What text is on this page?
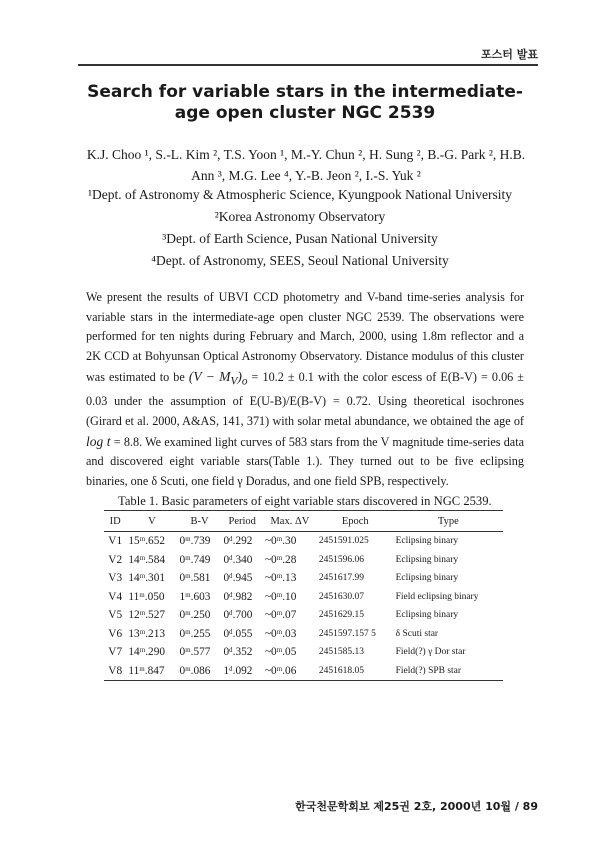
포스터 발표
Search for variable stars in the intermediate-age open cluster NGC 2539
K.J. Choo ¹, S.-L. Kim ², T.S. Yoon ¹, M.-Y. Chun ², H. Sung ², B.-G. Park ², H.B. Ann ³, M.G. Lee ⁴, Y.-B. Jeon ², I.-S. Yuk ²
¹Dept. of Astronomy & Atmospheric Science, Kyungpook National University
²Korea Astronomy Observatory
³Dept. of Earth Science, Pusan National University
⁴Dept. of Astronomy, SEES, Seoul National University
We present the results of UBVI CCD photometry and V-band time-series analysis for variable stars in the intermediate-age open cluster NGC 2539. The observations were performed for ten nights during February and March, 2000, using 1.8m reflector and a 2K CCD at Bohyunsan Optical Astronomy Observatory. Distance modulus of this cluster was estimated to be $(V - M_V)_o = 10.2 \pm 0.1$ with the color escess of E(B-V) = 0.06 ± 0.03 under the assumption of E(U-B)/E(B-V) = 0.72. Using theoretical isochrones (Girard et al. 2000, A&AS, 141, 371) with solar metal abundance, we obtained the age of log t = 8.8. We examined light curves of 583 stars from the V magnitude time-series data and discovered eight variable stars(Table 1.). They turned out to be five eclipsing binaries, one δ Scuti, one field γ Doradus, and one field SPB, respectively.
Table 1. Basic parameters of eight variable stars discovered in NGC 2539.
ID	V	B-V	Period	Max. ΔV	Epoch	Type
V1	15ᵐ.652	0ᵐ.739	0ᵈ.292	~0ᵐ.30	2451591.025	Eclipsing binary
V2	14ᵐ.584	0ᵐ.749	0ᵈ.340	~0ᵐ.28	2451596.06	Eclipsing binary
V3	14ᵐ.301	0ᵐ.581	0ᵈ.945	~0ᵐ.13	2451617.99	Eclipsing binary
V4	11ᵐ.050	1ᵐ.603	0ᵈ.982	~0ᵐ.10	2451630.07	Field eclipsing binary
V5	12ᵐ.527	0ᵐ.250	0ᵈ.700	~0ᵐ.07	2451629.15	Eclipsing binary
V6	13ᵐ.213	0ᵐ.255	0ᵈ.055	~0ᵐ.03	2451597.157 5	δ Scuti star
V7	14ᵐ.290	0ᵐ.577	0ᵈ.352	~0ᵐ.05	2451585.13	Field(?) γ Dor star
V8	11ᵐ.847	0ᵐ.086	1ᵈ.092	~0ᵐ.06	2451618.05	Field(?) SPB star
한국천문학회보 제25권 2호, 2000년 10월 / 89
